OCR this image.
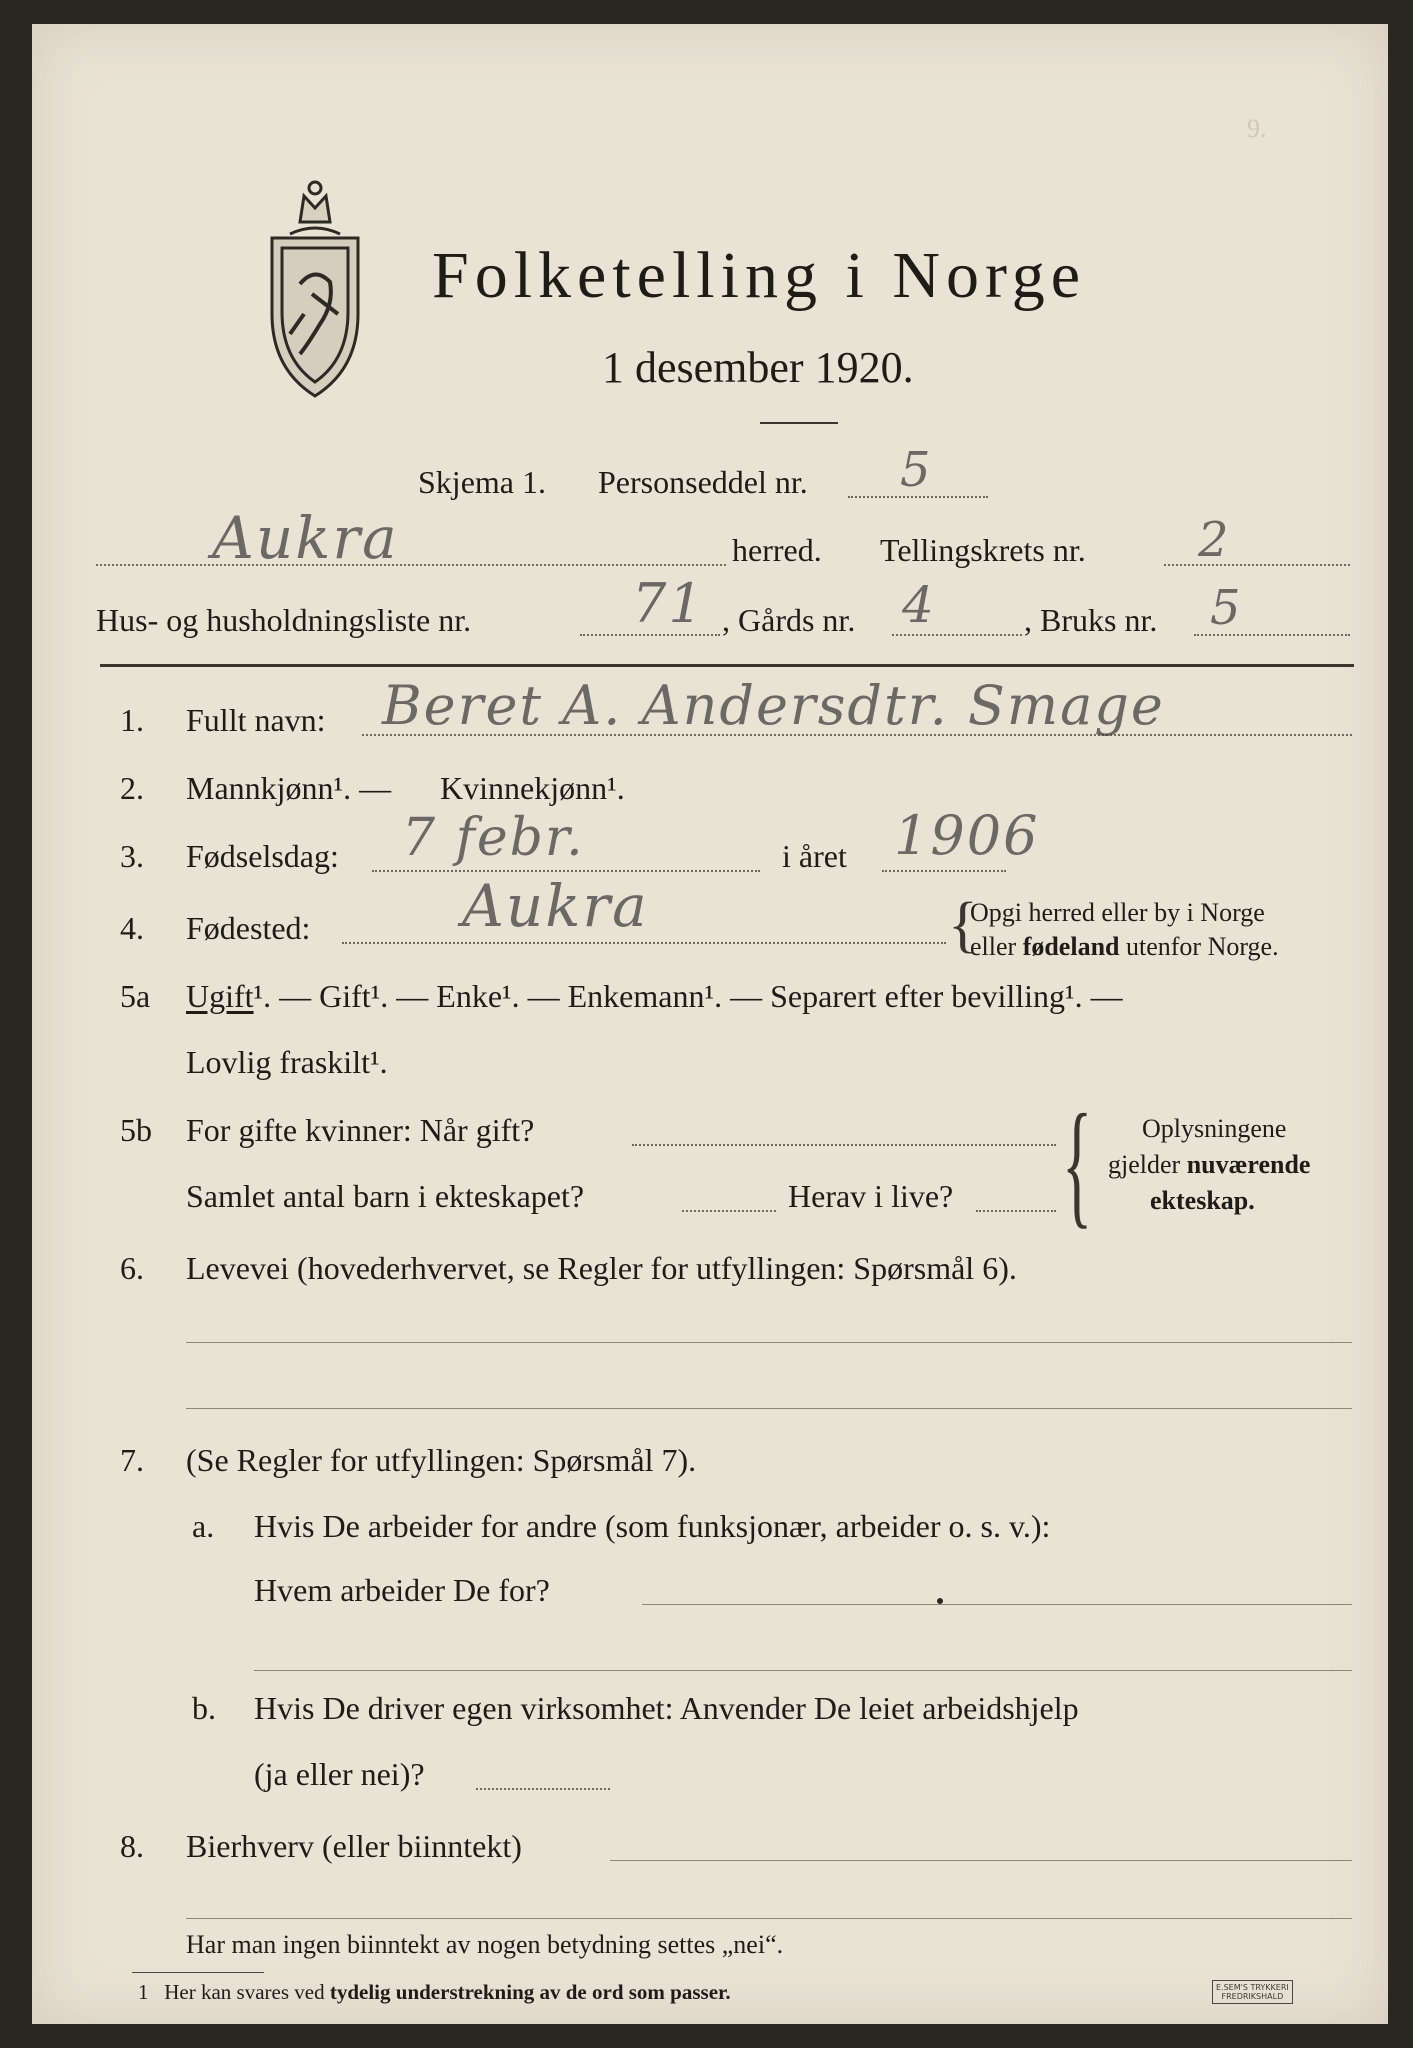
9.
Folketelling i Norge
1 desember 1920.
Skjema 1. Personseddel nr. 5
Aukra	herred. Tellingskrets nr. 2
Hus- og husholdningsliste nr.	71 , Gårds nr. 4	, Bruks nr. 5
1. Fullt navn: Beret A. Andersdtr. Smage
2. Mannkjønn¹. — Kvinnekjønn¹.
3. Fødselsdag: 7 febr.	i året 1906
4. Fødested:	Aukra	{
Opgi herred eller by i Norge
eller fødeland utenfor Norge.
5a Ugift¹. — Gift¹. — Enke¹. — Enkemann¹. — Separert efter bevilling¹. —
Lovlig fraskilt¹.
5b For gifte kvinner: Når gift?
Samlet antal barn i ekteskapet?	Herav i live? { Oplysningene
gjelder nuværende
ekteskap.
6. Levevei (hovederhvervet, se Regler for utfyllingen: Spørsmål 6).
7. (Se Regler for utfyllingen: Spørsmål 7).
a. Hvis De arbeider for andre (som funksjonær, arbeider o. s. v.):
Hvem arbeider De for?
b. Hvis De driver egen virksomhet: Anvender De leiet arbeidshjelp
(ja eller nei)?
8. Bierhverv (eller biinntekt)
Har man ingen biinntekt av nogen betydning settes „nei“.
1 Her kan svares ved tydelig understrekning av de ord som passer.	E.SEM'S TRYKKERI
FREDRIKSHALD
